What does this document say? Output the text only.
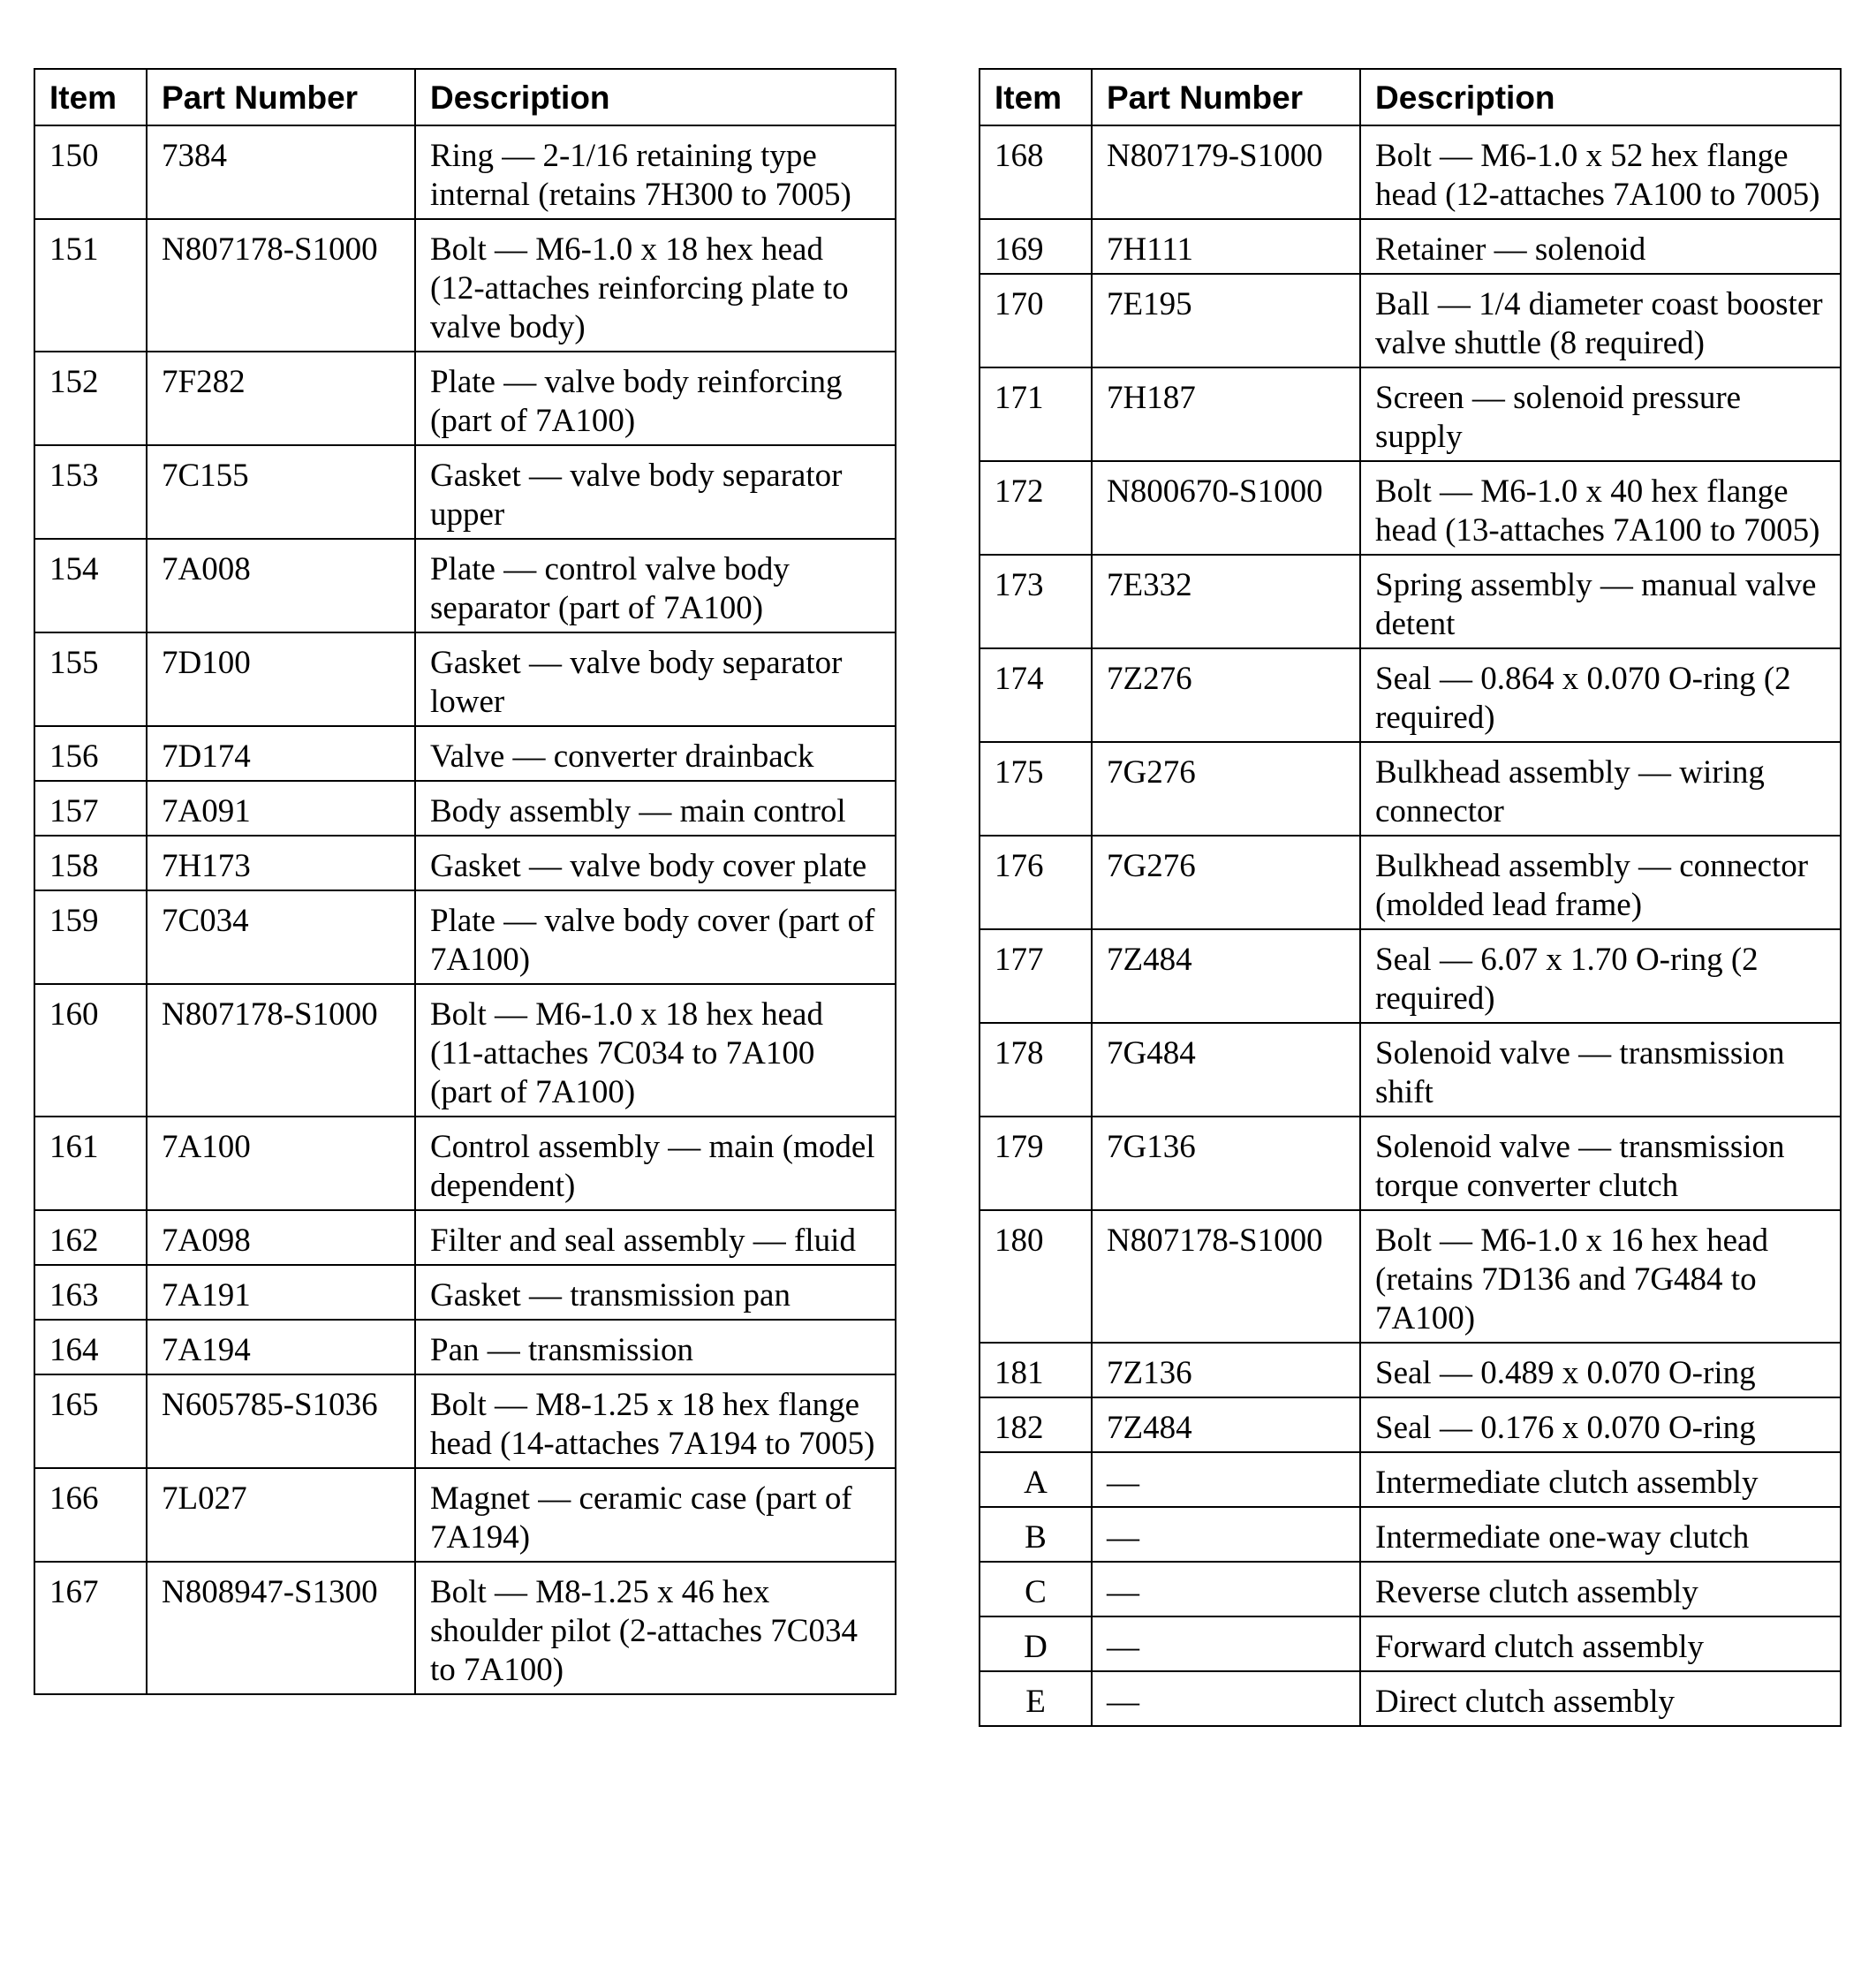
Item	Part Number	Description
150	7384	Ring — 2-1/16 retaining type internal (retains 7H300 to 7005)
151	N807178-S1000	Bolt — M6-1.0 x 18 hex head (12-attaches reinforcing plate to valve body)
152	7F282	Plate — valve body reinforcing (part of 7A100)
153	7C155	Gasket — valve body separator upper
154	7A008	Plate — control valve body separator (part of 7A100)
155	7D100	Gasket — valve body separator lower
156	7D174	Valve — converter drainback
157	7A091	Body assembly — main control
158	7H173	Gasket — valve body cover plate
159	7C034	Plate — valve body cover (part of 7A100)
160	N807178-S1000	Bolt — M6-1.0 x 18 hex head (11-attaches 7C034 to 7A100 (part of 7A100)
161	7A100	Control assembly — main (model dependent)
162	7A098	Filter and seal assembly — fluid
163	7A191	Gasket — transmission pan
164	7A194	Pan — transmission
165	N605785-S1036	Bolt — M8-1.25 x 18 hex flange head (14-attaches 7A194 to 7005)
166	7L027	Magnet — ceramic case (part of 7A194)
167	N808947-S1300	Bolt — M8-1.25 x 46 hex shoulder pilot (2-attaches 7C034 to 7A100)
Item	Part Number	Description
168	N807179-S1000	Bolt — M6-1.0 x 52 hex flange head (12-attaches 7A100 to 7005)
169	7H111	Retainer — solenoid
170	7E195	Ball — 1/4 diameter coast booster valve shuttle (8 required)
171	7H187	Screen — solenoid pressure supply
172	N800670-S1000	Bolt — M6-1.0 x 40 hex flange head (13-attaches 7A100 to 7005)
173	7E332	Spring assembly — manual valve detent
174	7Z276	Seal — 0.864 x 0.070 O-ring (2 required)
175	7G276	Bulkhead assembly — wiring connector
176	7G276	Bulkhead assembly — connector (molded lead frame)
177	7Z484	Seal — 6.07 x 1.70 O-ring (2 required)
178	7G484	Solenoid valve — transmission shift
179	7G136	Solenoid valve — transmission torque converter clutch
180	N807178-S1000	Bolt — M6-1.0 x 16 hex head (retains 7D136 and 7G484 to 7A100)
181	7Z136	Seal — 0.489 x 0.070 O-ring
182	7Z484	Seal — 0.176 x 0.070 O-ring
A	—	Intermediate clutch assembly
B	—	Intermediate one-way clutch
C	—	Reverse clutch assembly
D	—	Forward clutch assembly
E	—	Direct clutch assembly
